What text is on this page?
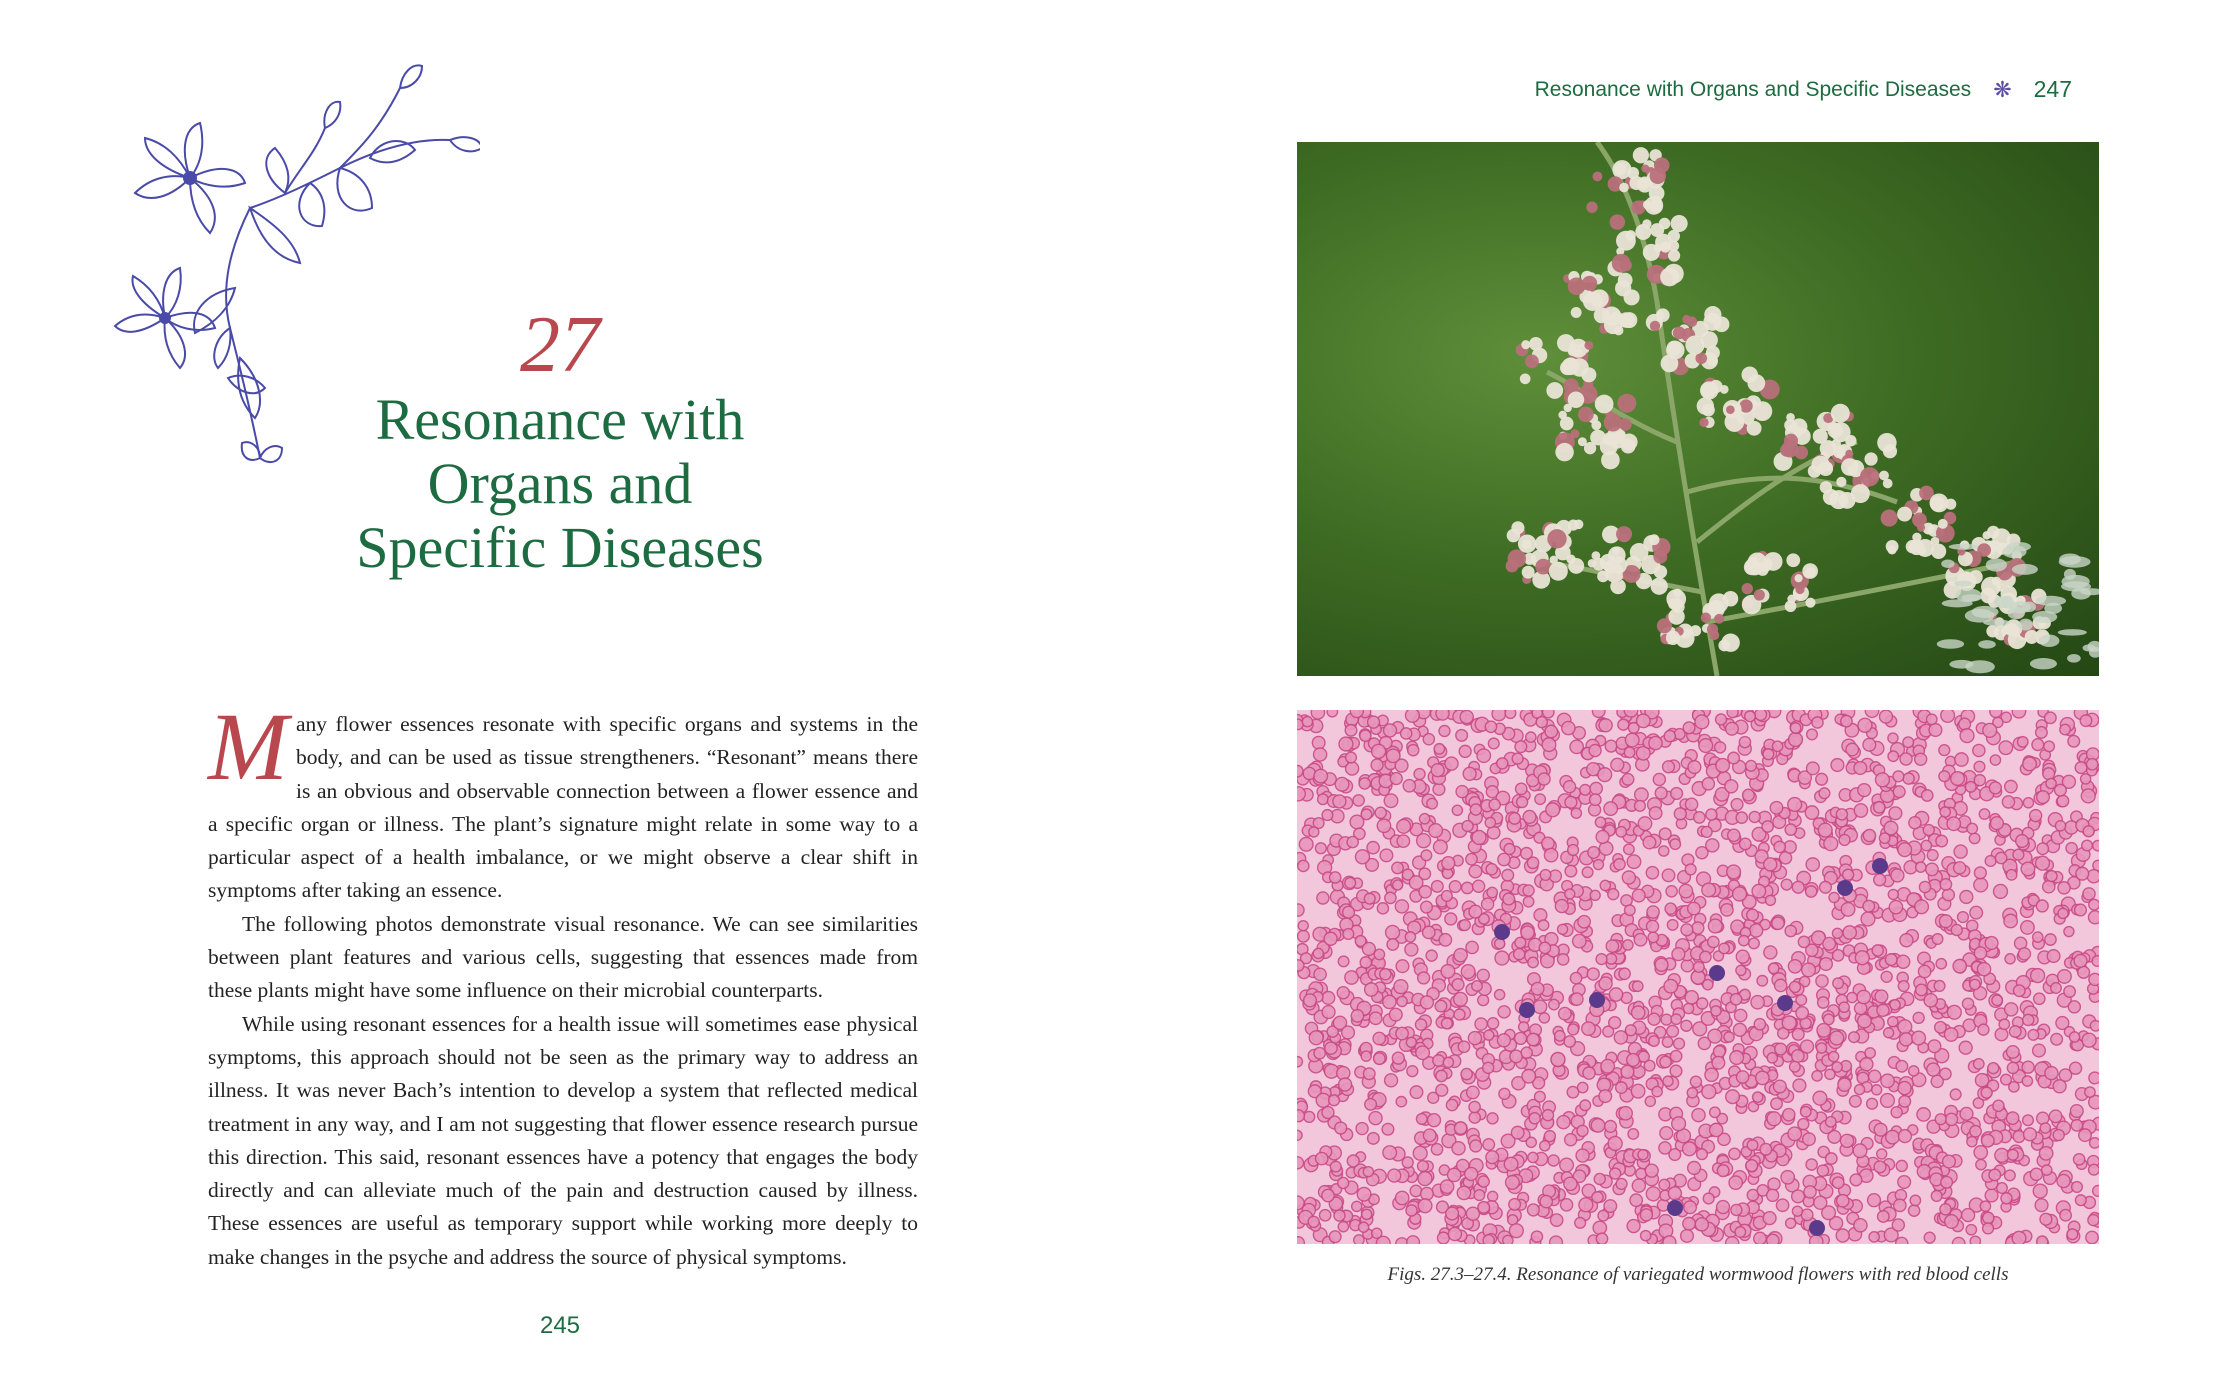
27
Resonance with
Organs and
Specific Diseases

Many flower essences resonate with specific organs and systems in the body, and can be used as tissue strengtheners. “Resonant” means there is an obvious and observable connection between a flower essence and a specific organ or illness. The plant’s signature might relate in some way to a particular aspect of a health imbalance, or we might observe a clear shift in symptoms after taking an essence.

The following photos demonstrate visual resonance. We can see similarities between plant features and various cells, suggesting that essences made from these plants might have some influence on their microbial counterparts.

While using resonant essences for a health issue will sometimes ease physical symptoms, this approach should not be seen as the primary way to address an illness. It was never Bach’s intention to develop a system that reflected medical treatment in any way, and I am not suggesting that flower essence research pursue this direction. This said, resonant essences have a potency that engages the body directly and can alleviate much of the pain and destruction caused by illness. These essences are useful as temporary support while working more deeply to make changes in the psyche and address the source of physical symptoms.

245
Resonance with Organs and Specific Diseases ❋ 247
Figs. 27.3–27.4. Resonance of variegated wormwood flowers with red blood cells
